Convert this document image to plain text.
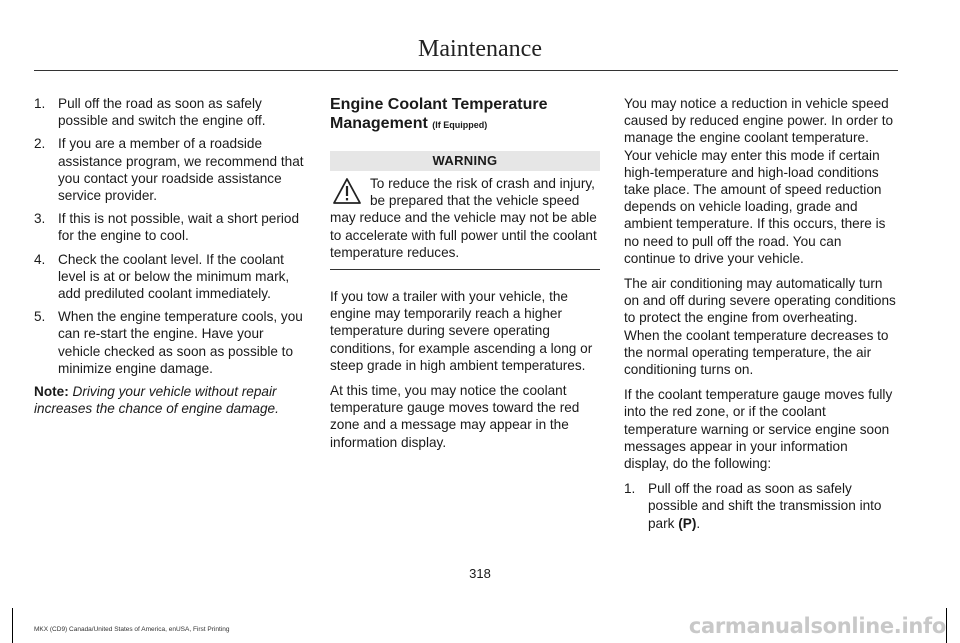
Maintenance
1. Pull off the road as soon as safely possible and switch the engine off.
2. If you are a member of a roadside assistance program, we recommend that you contact your roadside assistance service provider.
3. If this is not possible, wait a short period for the engine to cool.
4. Check the coolant level. If the coolant level is at or below the minimum mark, add prediluted coolant immediately.
5. When the engine temperature cools, you can re-start the engine. Have your vehicle checked as soon as possible to minimize engine damage.

Note: Driving your vehicle without repair increases the chance of engine damage.

Engine Coolant Temperature Management (If Equipped)
WARNING
To reduce the risk of crash and injury, be prepared that the vehicle speed may reduce and the vehicle may not be able to accelerate with full power until the coolant temperature reduces.

If you tow a trailer with your vehicle, the engine may temporarily reach a higher temperature during severe operating conditions, for example ascending a long or steep grade in high ambient temperatures.

At this time, you may notice the coolant temperature gauge moves toward the red zone and a message may appear in the information display.

You may notice a reduction in vehicle speed caused by reduced engine power. In order to manage the engine coolant temperature. Your vehicle may enter this mode if certain high-temperature and high-load conditions take place. The amount of speed reduction depends on vehicle loading, grade and ambient temperature. If this occurs, there is no need to pull off the road. You can continue to drive your vehicle.

The air conditioning may automatically turn on and off during severe operating conditions to protect the engine from overheating. When the coolant temperature decreases to the normal operating temperature, the air conditioning turns on.

If the coolant temperature gauge moves fully into the red zone, or if the coolant temperature warning or service engine soon messages appear in your information display, do the following:

1. Pull off the road as soon as safely possible and shift the transmission into park (P).
318
MKX (CD9) Canada/United States of America, enUSA, First Printing	carmanualsonline.info
